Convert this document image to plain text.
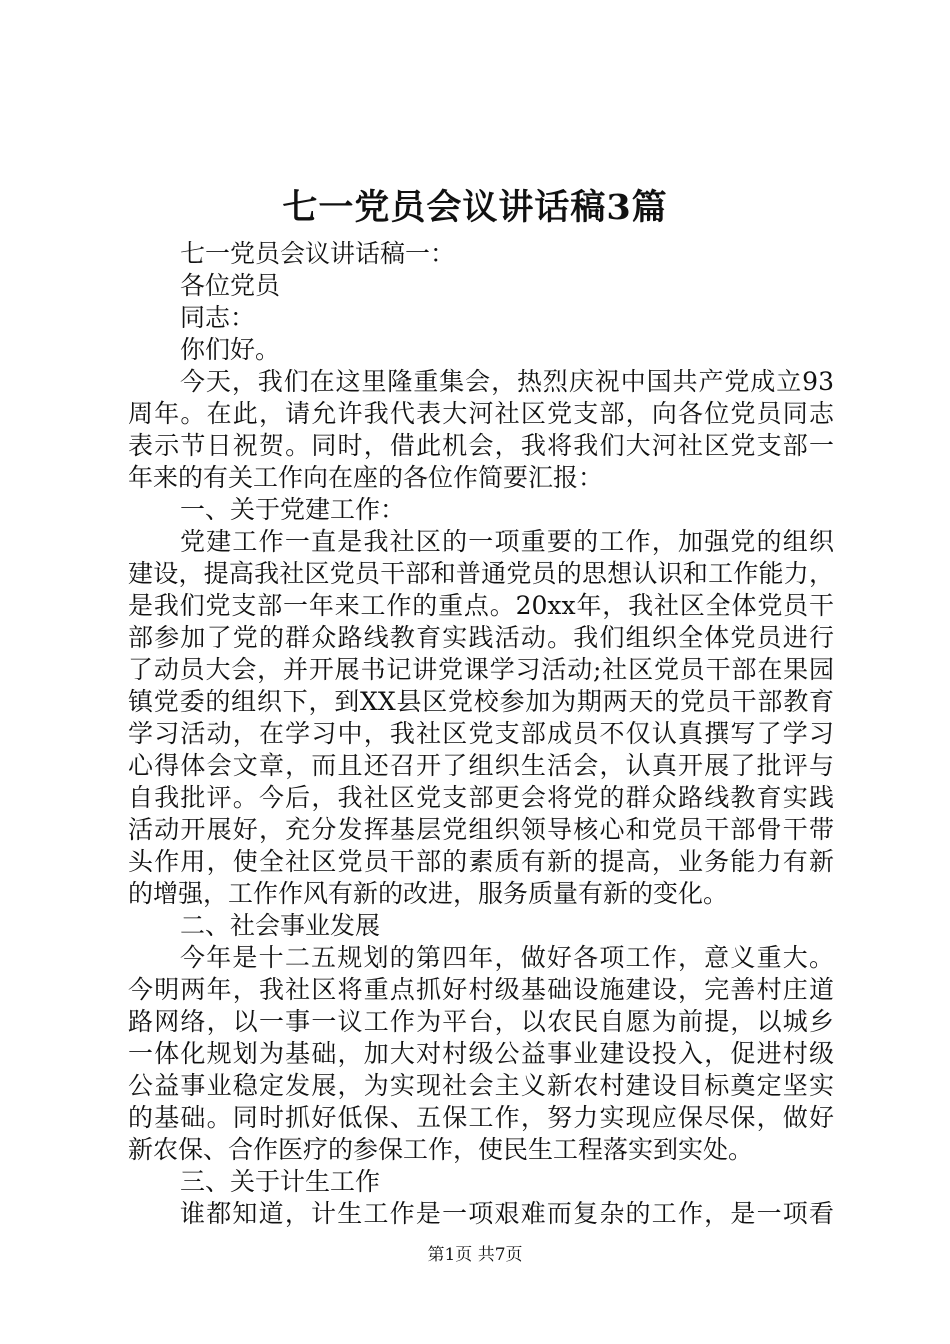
七一党员会议讲话稿3篇
七一党员会议讲话稿一：
各位党员
同志：
你们好。
今天，我们在这里隆重集会，热烈庆祝中国共产党成立93
周年。在此，请允许我代表大河社区党支部，向各位党员同志
表示节日祝贺。同时，借此机会，我将我们大河社区党支部一
年来的有关工作向在座的各位作简要汇报：
一、关于党建工作：
党建工作一直是我社区的一项重要的工作，加强党的组织
建设，提高我社区党员干部和普通党员的思想认识和工作能力，
是我们党支部一年来工作的重点。20xx年，我社区全体党员干
部参加了党的群众路线教育实践活动。我们组织全体党员进行
了动员大会，并开展书记讲党课学习活动;社区党员干部在果园
镇党委的组织下，到XX县区党校参加为期两天的党员干部教育
学习活动，在学习中，我社区党支部成员不仅认真撰写了学习
心得体会文章，而且还召开了组织生活会，认真开展了批评与
自我批评。今后，我社区党支部更会将党的群众路线教育实践
活动开展好，充分发挥基层党组织领导核心和党员干部骨干带
头作用，使全社区党员干部的素质有新的提高，业务能力有新
的增强，工作作风有新的改进，服务质量有新的变化。
二、社会事业发展
今年是十二五规划的第四年，做好各项工作，意义重大。
今明两年，我社区将重点抓好村级基础设施建设，完善村庄道
路网络，以一事一议工作为平台，以农民自愿为前提，以城乡
一体化规划为基础，加大对村级公益事业建设投入，促进村级
公益事业稳定发展，为实现社会主义新农村建设目标奠定坚实
的基础。同时抓好低保、五保工作，努力实现应保尽保，做好
新农保、合作医疗的参保工作，使民生工程落实到实处。
三、关于计生工作
谁都知道，计生工作是一项艰难而复杂的工作，是一项看
第1页 共7页
